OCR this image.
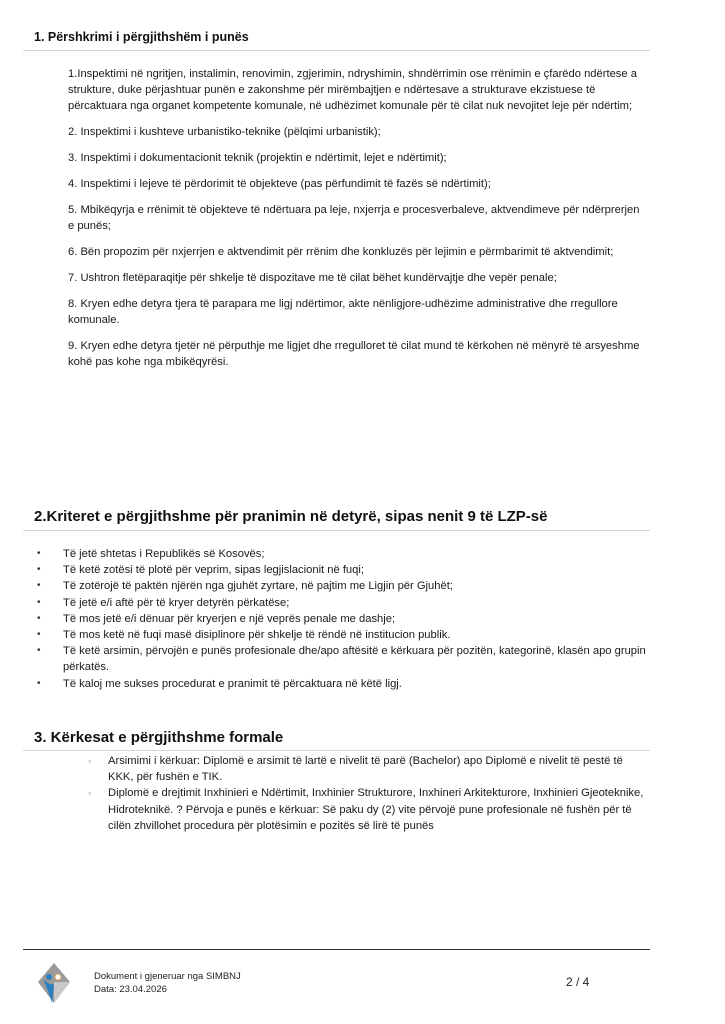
1. Përshkrimi i përgjithshëm i punës

1.Inspektimi në ngritjen, instalimin, renovimin, zgjerimin, ndryshimin, shndërrimin ose rrënimin e çfarëdo ndërtese a strukture, duke përjashtuar punën e zakonshme për mirëmbajtjen e ndërtesave a strukturave ekzistuese të përcaktuara nga organet kompetente komunale, në udhëzimet komunale për të cilat nuk nevojitet leje për ndërtim;

2. Inspektimi i kushteve urbanistiko-teknike (pëlqimi urbanistik);

3. Inspektimi i dokumentacionit teknik (projektin e ndërtimit, lejet e ndërtimit);

4. Inspektimi i lejeve të përdorimit të objekteve (pas përfundimit të fazës së ndërtimit);

5. Mbikëqyrja e rrënimit të objekteve të ndërtuara pa leje, nxjerrja e procesverbaleve, aktvendimeve për ndërprerjen e punës;

6. Bën propozim për nxjerrjen e aktvendimit për rrënim dhe konkluzës për lejimin e përmbarimit të aktvendimit;

7. Ushtron fletëparaqitje për shkelje të dispozitave me të cilat bëhet kundërvajtje dhe vepër penale;

8. Kryen edhe detyra tjera të parapara me ligj ndërtimor, akte nënligjore-udhëzime administrative dhe rregullore komunale.

9. Kryen edhe detyra tjetër në përputhje me ligjet dhe rregulloret të cilat mund të kërkohen në mënyrë të arsyeshme kohë pas kohe nga mbikëqyrësi.

2.Kriteret e përgjithshme për pranimin në detyrë, sipas nenit 9 të LZP-së
• Të jetë shtetas i Republikës së Kosovës;
• Të ketë zotësi të plotë për veprim, sipas legjislacionit në fuqi;
• Të zotërojë të paktën njërën nga gjuhët zyrtare, në pajtim me Ligjin për Gjuhët;
• Të jetë e/i aftë për të kryer detyrën përkatëse;
• Të mos jetë e/i dënuar për kryerjen e një veprës penale me dashje;
• Të mos ketë në fuqi masë disiplinore për shkelje të rëndë në institucion publik.
• Të ketë arsimin, përvojën e punës profesionale dhe/apo aftësitë e kërkuara për pozitën, kategorinë, klasën apo grupin përkatës.
• Të kaloj me sukses procedurat e pranimit të përcaktuara në këtë ligj.
3. Kërkesat e përgjithshme formale
◦ Arsimimi i kërkuar: Diplomë e arsimit të lartë e nivelit të parë (Bachelor) apo Diplomë e nivelit të pestë të KKK, për fushën e TIK.
◦ Diplomë e drejtimit Inxhinieri e Ndërtimit, Inxhinier Strukturore, Inxhineri Arkitekturore, Inxhinieri Gjeoteknike, Hidroteknikë. ? Përvoja e punës e kërkuar: Së paku dy (2) vite përvojë pune profesionale në fushën për të cilën zhvillohet procedura për plotësimin e pozitës së lirë të punës
Dokument i gjeneruar nga SIMBNJ
Data: 23.04.2026
2 / 4
